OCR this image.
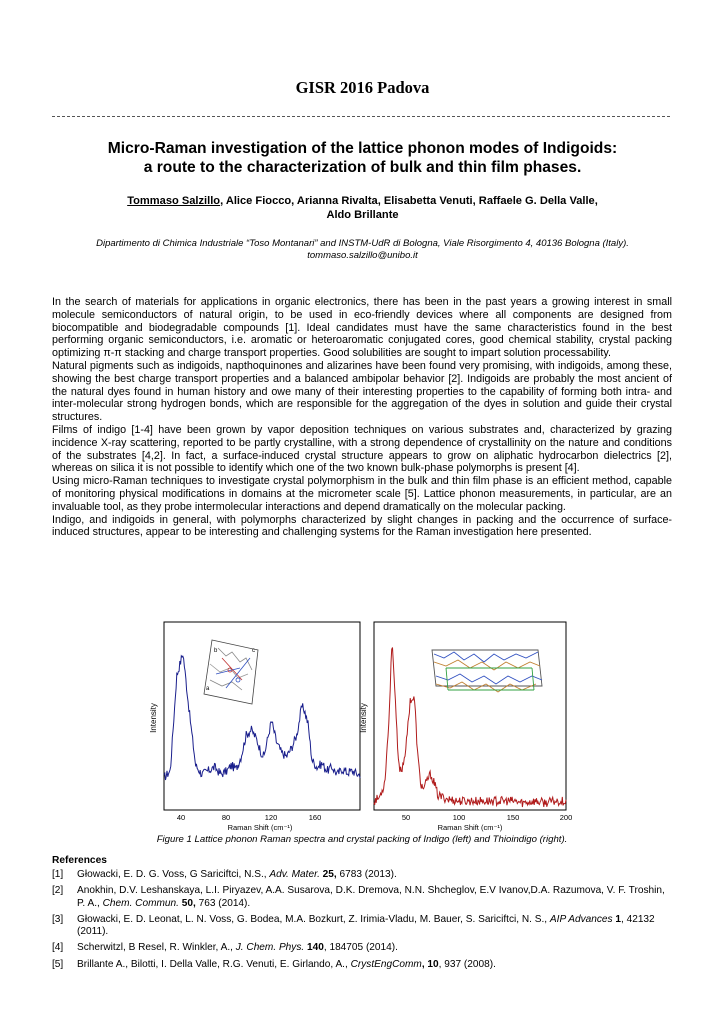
GISR 2016 Padova
Micro-Raman investigation of the lattice phonon modes of Indigoids:
a route to the characterization of bulk and thin film phases.
Tommaso Salzillo, Alice Fiocco, Arianna Rivalta, Elisabetta Venuti, Raffaele G. Della Valle,
Aldo Brillante
Dipartimento di Chimica Industriale “Toso Montanari” and INSTM-UdR di Bologna, Viale Risorgimento 4, 40136 Bologna (Italy).
tommaso.salzillo@unibo.it

In the search of materials for applications in organic electronics, there has been in the past years a growing interest in small molecule semiconductors of natural origin, to be used in eco-friendly devices where all components are designed from biocompatible and biodegradable compounds [1]. Ideal candidates must have the same characteristics found in the best performing organic semiconductors, i.e. aromatic or heteroaromatic conjugated cores, good chemical stability, crystal packing optimizing π-π stacking and charge transport properties. Good solubilities are sought to impart solution processability.

Natural pigments such as indigoids, napthoquinones and alizarines have been found very promising, with indigoids, among these, showing the best charge transport properties and a balanced ambipolar behavior [2]. Indigoids are probably the most ancient of the natural dyes found in human history and owe many of their interesting properties to the capability of forming both intra- and inter-molecular strong hydrogen bonds, which are responsible for the aggregation of the dyes in solution and guide their crystal structures.

Films of indigo [1-4] have been grown by vapor deposition techniques on various substrates and, characterized by grazing incidence X-ray scattering, reported to be partly crystalline, with a strong dependence of crystallinity on the nature and conditions of the substrates [4,2]. In fact, a surface-induced crystal structure appears to grow on aliphatic hydrocarbon dielectrics [2], whereas on silica it is not possible to identify which one of the two known bulk-phase polymorphs is present [4].

Using micro-Raman techniques to investigate crystal polymorphism in the bulk and thin film phase is an efficient method, capable of monitoring physical modifications in domains at the micrometer scale [5]. Lattice phonon measurements, in particular, are an invaluable tool, as they probe intermolecular interactions and depend dramatically on the molecular packing.

Indigo, and indigoids in general, with polymorphs characterized by slight changes in packing and the occurrence of surface-induced structures, appear to be interesting and challenging systems for the Raman investigation here presented.

b	c
a
Intensity
40	80	120	160
Raman Shift (cm⁻¹)
Intensity
50	100	150	200
Raman Shift (cm⁻¹)
Figure 1 Lattice phonon Raman spectra and crystal packing of Indigo (left) and Thioindigo (right).
References
[1] Głowacki, E. D. G. Voss, G Sariciftci, N.S., Adv. Mater. 25, 6783 (2013).
[2] Anokhin, D.V. Leshanskaya, L.I. Piryazev, A.A. Susarova, D.K. Dremova, N.N. Shcheglov, E.V Ivanov,D.A. Razumova, V. F. Troshin, P. A., Chem. Commun. 50, 763 (2014).
[3] Głowacki, E. D. Leonat, L. N. Voss, G. Bodea, M.A. Bozkurt, Z. Irimia-Vladu, M. Bauer, S. Sariciftci, N. S., AIP Advances 1, 42132 (2011).
[4] Scherwitzl, B Resel, R. Winkler, A., J. Chem. Phys. 140, 184705 (2014).
[5] Brillante A., Bilotti, I. Della Valle, R.G. Venuti, E. Girlando, A., CrystEngComm, 10, 937 (2008).
